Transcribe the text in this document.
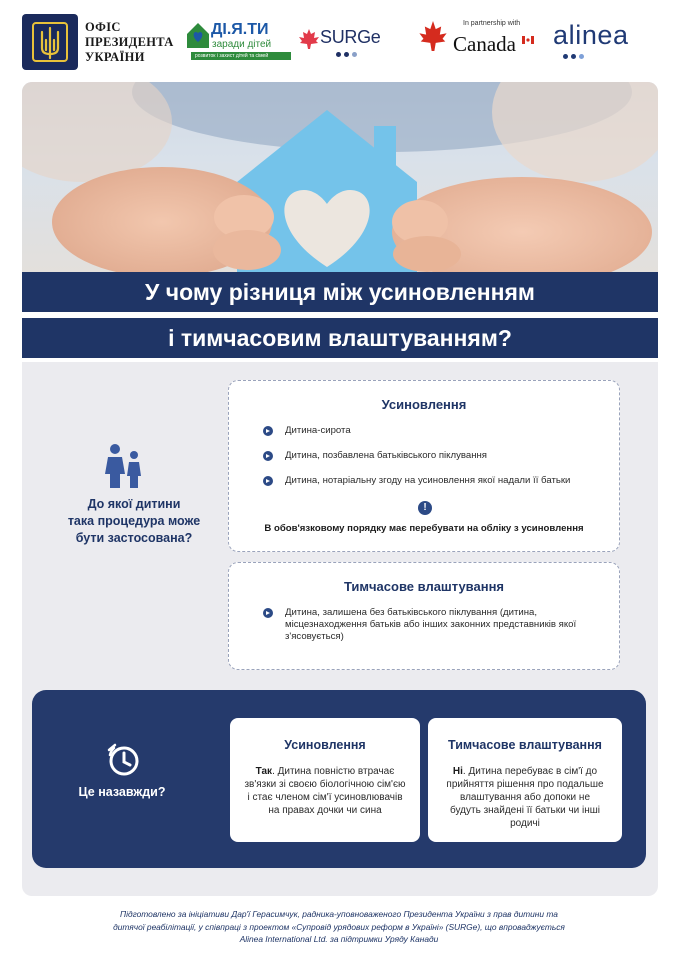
ОФІС
ПРЕЗИДЕНТА
УКРАЇНИ
ДІ.Я.ТИ
заради дітей
розвиток і захист дітей та сімей
SURGe
In partnership with
Canada alinea
У чому різниця між усиновленням
і тимчасовим влаштуванням?
До якої дитини
така процедура може
бути застосована?
Усиновлення
Дитина-сирота
Дитина, позбавлена батьківського піклування
Дитина, нотаріальну згоду на усиновлення якої надали її батьки
!
В обов'язковому порядку має перебувати на обліку з усиновлення
Тимчасове влаштування
Дитина, залишена без батьківського піклування (дитина, місцезнаходження батьків або інших законних представників якої з'ясовується)
Це назавжди?
Усиновлення
Так. Дитина повністю втрачає зв'язки зі своєю біологічною сім'єю і стає членом сім'ї усиновлювачів на правах дочки чи сина
Тимчасове влаштування
Ні. Дитина перебуває в сім'ї до прийняття рішення про подальше влаштування або допоки не будуть знайдені її батьки чи інші родичі
Підготовлено за ініціативи Дар'ї Герасимчук, радника-уповноваженого Президента України з прав дитини та
дитячої реабілітації, у співпраці з проектом «Супровід урядових реформ в Україні» (SURGe), що впроваджується
Alinea International Ltd. за підтримки Уряду Канади
